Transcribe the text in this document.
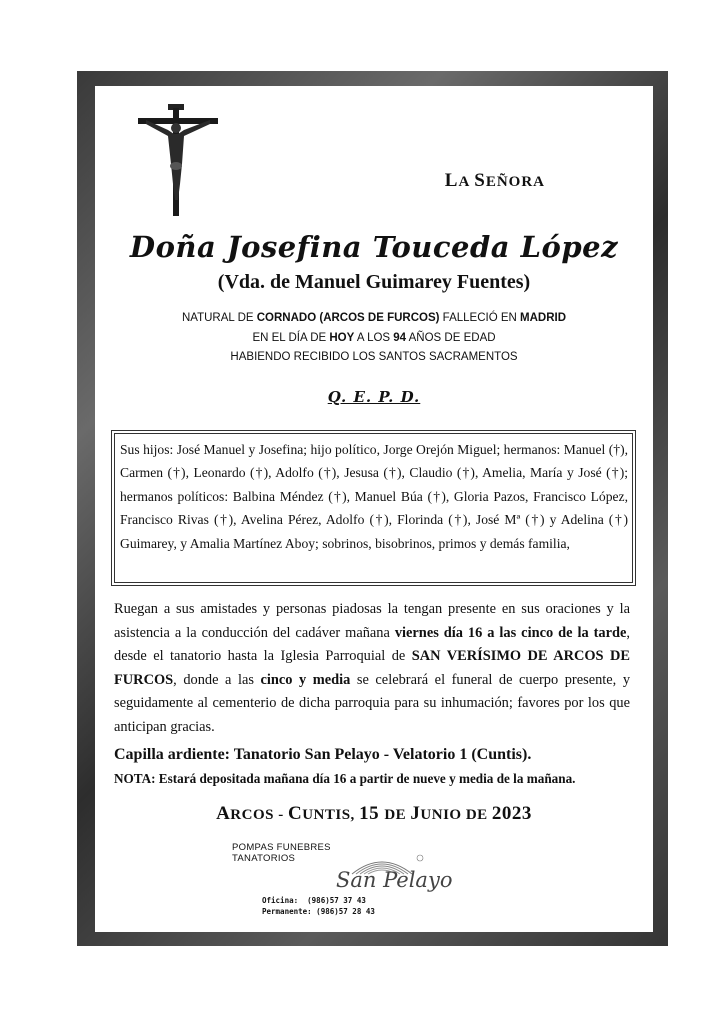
LA SEÑORA
Doña Josefina Touceda López
(Vda. de Manuel Guimarey Fuentes)
NATURAL DE CORNADO (ARCOS DE FURCOS) FALLECIÓ EN MADRID
EN EL DÍA DE HOY A LOS 94 AÑOS DE EDAD
HABIENDO RECIBIDO LOS SANTOS SACRAMENTOS
Q. E. P. D.
Sus hijos: José Manuel y Josefina; hijo político, Jorge Orejón Miguel; hermanos: Manuel (†), Carmen (†), Leonardo (†), Adolfo (†), Jesusa (†), Claudio (†), Amelia, María y José (†); hermanos políticos: Balbina Méndez (†), Manuel Búa (†), Gloria Pazos, Francisco López, Francisco Rivas (†), Avelina Pérez, Adolfo (†), Florinda (†), José Mª (†) y Adelina (†) Guimarey, y Amalia Martínez Aboy; sobrinos, bisobrinos, primos y demás familia,
Ruegan a sus amistades y personas piadosas la tengan presente en sus oraciones y la asistencia a la conducción del cadáver mañana viernes día 16 a las cinco de la tarde, desde el tanatorio hasta la Iglesia Parroquial de SAN VERÍSIMO DE ARCOS DE FURCOS, donde a las cinco y media se celebrará el funeral de cuerpo presente, y seguidamente al cementerio de dicha parroquia para su inhumación; favores por los que anticipan gracias.
Capilla ardiente: Tanatorio San Pelayo - Velatorio 1 (Cuntis).
NOTA: Estará depositada mañana día 16 a partir de nueve y media de la mañana.
ARCOS - CUNTIS, 15 DE JUNIO DE 2023
POMPAS FUNEBRES
TANATORIOS
San Pelayo
Oficina:  (986)57 37 43
Permanente: (986)57 28 43
